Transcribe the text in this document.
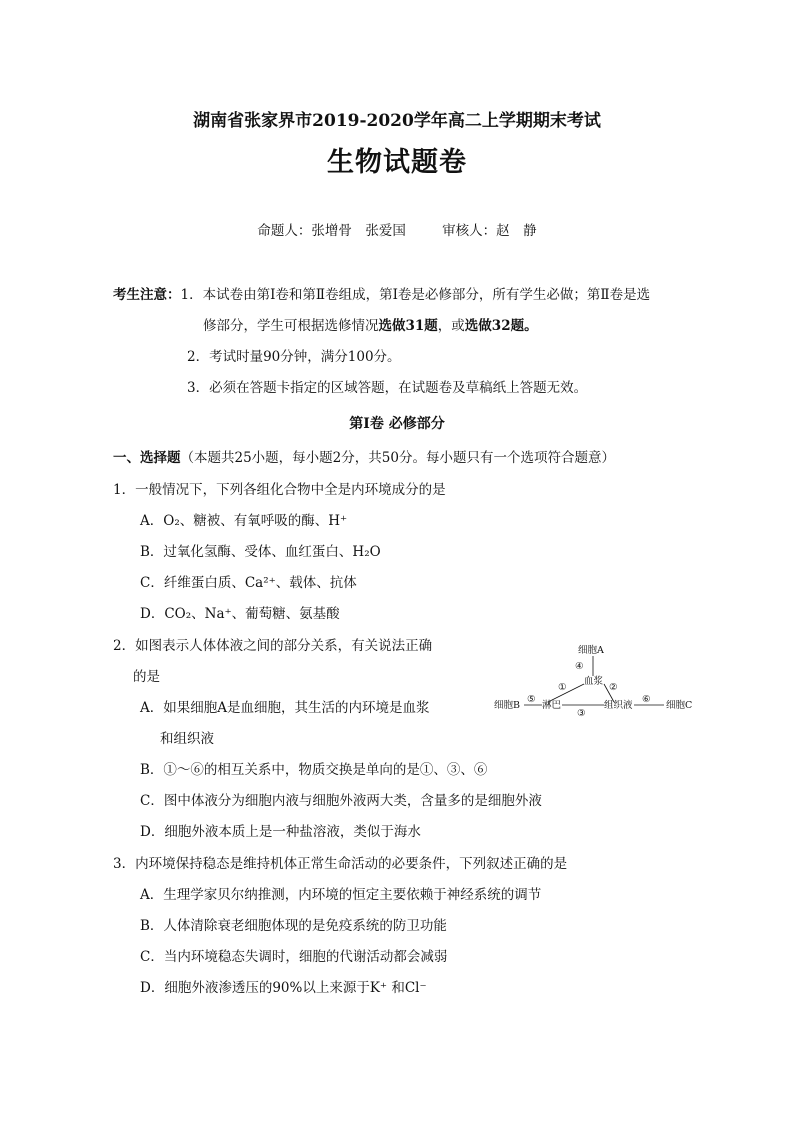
湖南省张家界市2019-2020学年高二上学期期末考试
生物试题卷
命题人：张增骨　张爱国	审核人：赵　静
考生注意：1．本试卷由第Ⅰ卷和第Ⅱ卷组成，第Ⅰ卷是必修部分，所有学生必做；第Ⅱ卷是选
修部分，学生可根据选修情况选做31题，或选做32题。
2．考试时量90分钟，满分100分。
3．必须在答题卡指定的区域答题，在试题卷及草稿纸上答题无效。
第Ⅰ卷 必修部分
一、选择题（本题共25小题，每小题2分，共50分。每小题只有一个选项符合题意）
1．一般情况下，下列各组化合物中全是内环境成分的是
A．O₂、糖被、有氧呼吸的酶、H⁺
B．过氧化氢酶、受体、血红蛋白、H₂O
C．纤维蛋白质、Ca²⁺、载体、抗体
D．CO₂、Na⁺、葡萄糖、氨基酸
2．如图表示人体体液之间的部分关系，有关说法正确
的是
A．如果细胞A是血细胞，其生活的内环境是血浆
和组织液
B．①～⑥的相互关系中，物质交换是单向的是①、③、⑥
C．图中体液分为细胞内液与细胞外液两大类，含量多的是细胞外液
D．细胞外液本质上是一种盐溶液，类似于海水
细胞A
④
血浆
①	②
细胞B
⑤
淋巴
③
组织液
⑥
细胞C
3．内环境保持稳态是维持机体正常生命活动的必要条件，下列叙述正确的是
A．生理学家贝尔纳推测，内环境的恒定主要依赖于神经系统的调节
B．人体清除衰老细胞体现的是免疫系统的防卫功能
C．当内环境稳态失调时，细胞的代谢活动都会减弱
D．细胞外液渗透压的90%以上来源于K⁺ 和Cl⁻
